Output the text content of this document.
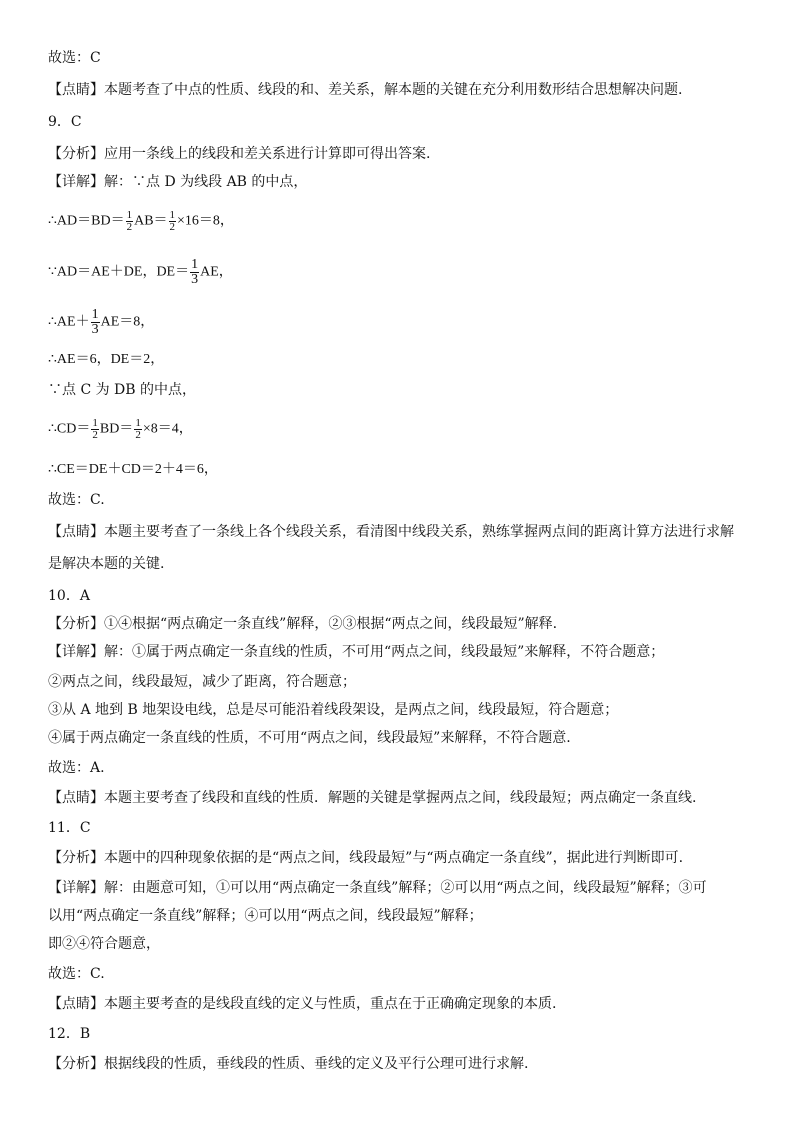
故选：C
【点睛】本题考查了中点的性质、线段的和、差关系，解本题的关键在充分利用数形结合思想解决问题.
9．C
【分析】应用一条线上的线段和差关系进行计算即可得出答案.
【详解】解：∵点 D 为线段 AB 的中点，
∴AD＝BD＝ $\frac{1}{2} AB= \frac{1}{2} \times 16=8$，
∵AD＝AE＋DE，$DE= \frac{1}{3}$ AE，
∴AE＋ $\frac{1}{3} AE=8$，
∴AE＝6，DE＝2，
∵点 C 为 DB 的中点，
∴CD＝ $\frac{1}{2} BD= \frac{1}{2} \times 8=4$，
∴CE＝DE＋CD＝2＋4＝6，
故选：C.
【点睛】本题主要考查了一条线上各个线段关系，看清图中线段关系，熟练掌握两点间的距离计算方法进行求解
是解决本题的关键.
10．A
【分析】①④根据“两点确定一条直线”解释，②③根据“两点之间，线段最短”解释.
【详解】解：①属于两点确定一条直线的性质，不可用“两点之间，线段最短”来解释，不符合题意；
②两点之间，线段最短，减少了距离，符合题意；
③从 A 地到 B 地架设电线，总是尽可能沿着线段架设，是两点之间，线段最短，符合题意；
④属于两点确定一条直线的性质，不可用“两点之间，线段最短”来解释，不符合题意.
故选：A.
【点睛】本题主要考查了线段和直线的性质．解题的关键是掌握两点之间，线段最短；两点确定一条直线.
11．C
【分析】本题中的四种现象依据的是“两点之间，线段最短”与“两点确定一条直线”，据此进行判断即可.
【详解】解：由题意可知，①可以用“两点确定一条直线”解释；②可以用“两点之间，线段最短”解释；③可
以用“两点确定一条直线”解释；④可以用“两点之间，线段最短”解释；
即②④符合题意，
故选：C.
【点睛】本题主要考查的是线段直线的定义与性质，重点在于正确确定现象的本质.
12．B
【分析】根据线段的性质，垂线段的性质、垂线的定义及平行公理可进行求解.
